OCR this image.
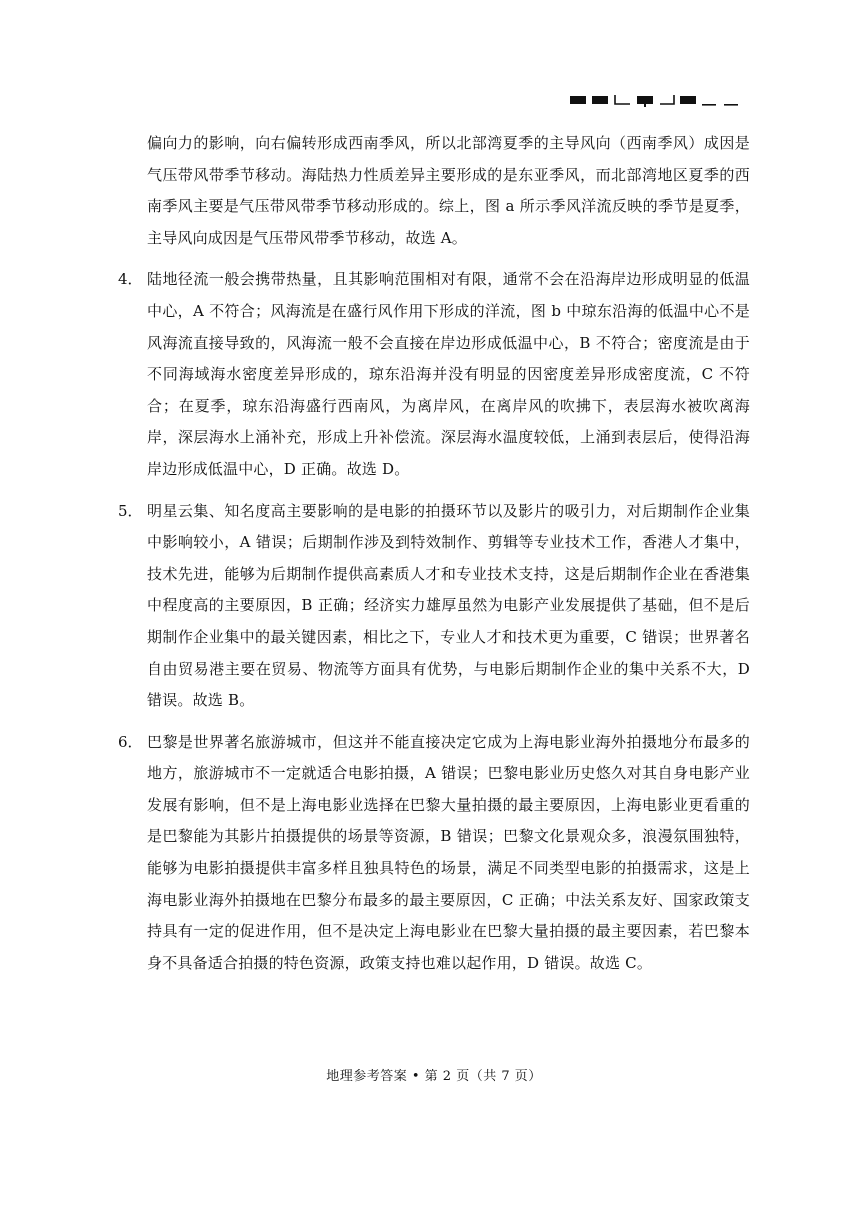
偏向力的影响，向右偏转形成西南季风，所以北部湾夏季的主导风向（西南季风）成因是气压带风带季节移动。海陆热力性质差异主要形成的是东亚季风，而北部湾地区夏季的西南季风主要是气压带风带季节移动形成的。综上，图 a 所示季风洋流反映的季节是夏季，主导风向成因是气压带风带季节移动，故选 A。

4． 陆地径流一般会携带热量，且其影响范围相对有限，通常不会在沿海岸边形成明显的低温中心，A 不符合；风海流是在盛行风作用下形成的洋流，图 b 中琼东沿海的低温中心不是风海流直接导致的，风海流一般不会直接在岸边形成低温中心，B 不符合；密度流是由于不同海域海水密度差异形成的，琼东沿海并没有明显的因密度差异形成密度流，C 不符合；在夏季，琼东沿海盛行西南风，为离岸风，在离岸风的吹拂下，表层海水被吹离海岸，深层海水上涌补充，形成上升补偿流。深层海水温度较低，上涌到表层后，使得沿海岸边形成低温中心，D 正确。故选 D。

5． 明星云集、知名度高主要影响的是电影的拍摄环节以及影片的吸引力，对后期制作企业集中影响较小，A 错误；后期制作涉及到特效制作、剪辑等专业技术工作，香港人才集中，技术先进，能够为后期制作提供高素质人才和专业技术支持，这是后期制作企业在香港集中程度高的主要原因，B 正确；经济实力雄厚虽然为电影产业发展提供了基础，但不是后期制作企业集中的最关键因素，相比之下，专业人才和技术更为重要，C 错误；世界著名自由贸易港主要在贸易、物流等方面具有优势，与电影后期制作企业的集中关系不大，D 错误。故选 B。

6． 巴黎是世界著名旅游城市，但这并不能直接决定它成为上海电影业海外拍摄地分布最多的地方，旅游城市不一定就适合电影拍摄，A 错误；巴黎电影业历史悠久对其自身电影产业发展有影响，但不是上海电影业选择在巴黎大量拍摄的最主要原因，上海电影业更看重的是巴黎能为其影片拍摄提供的场景等资源，B 错误；巴黎文化景观众多，浪漫氛围独特，能够为电影拍摄提供丰富多样且独具特色的场景，满足不同类型电影的拍摄需求，这是上海电影业海外拍摄地在巴黎分布最多的最主要原因，C 正确；中法关系友好、国家政策支持具有一定的促进作用，但不是决定上海电影业在巴黎大量拍摄的最主要因素，若巴黎本身不具备适合拍摄的特色资源，政策支持也难以起作用，D 错误。故选 C。

地理参考答案 • 第 2 页（共 7 页）
